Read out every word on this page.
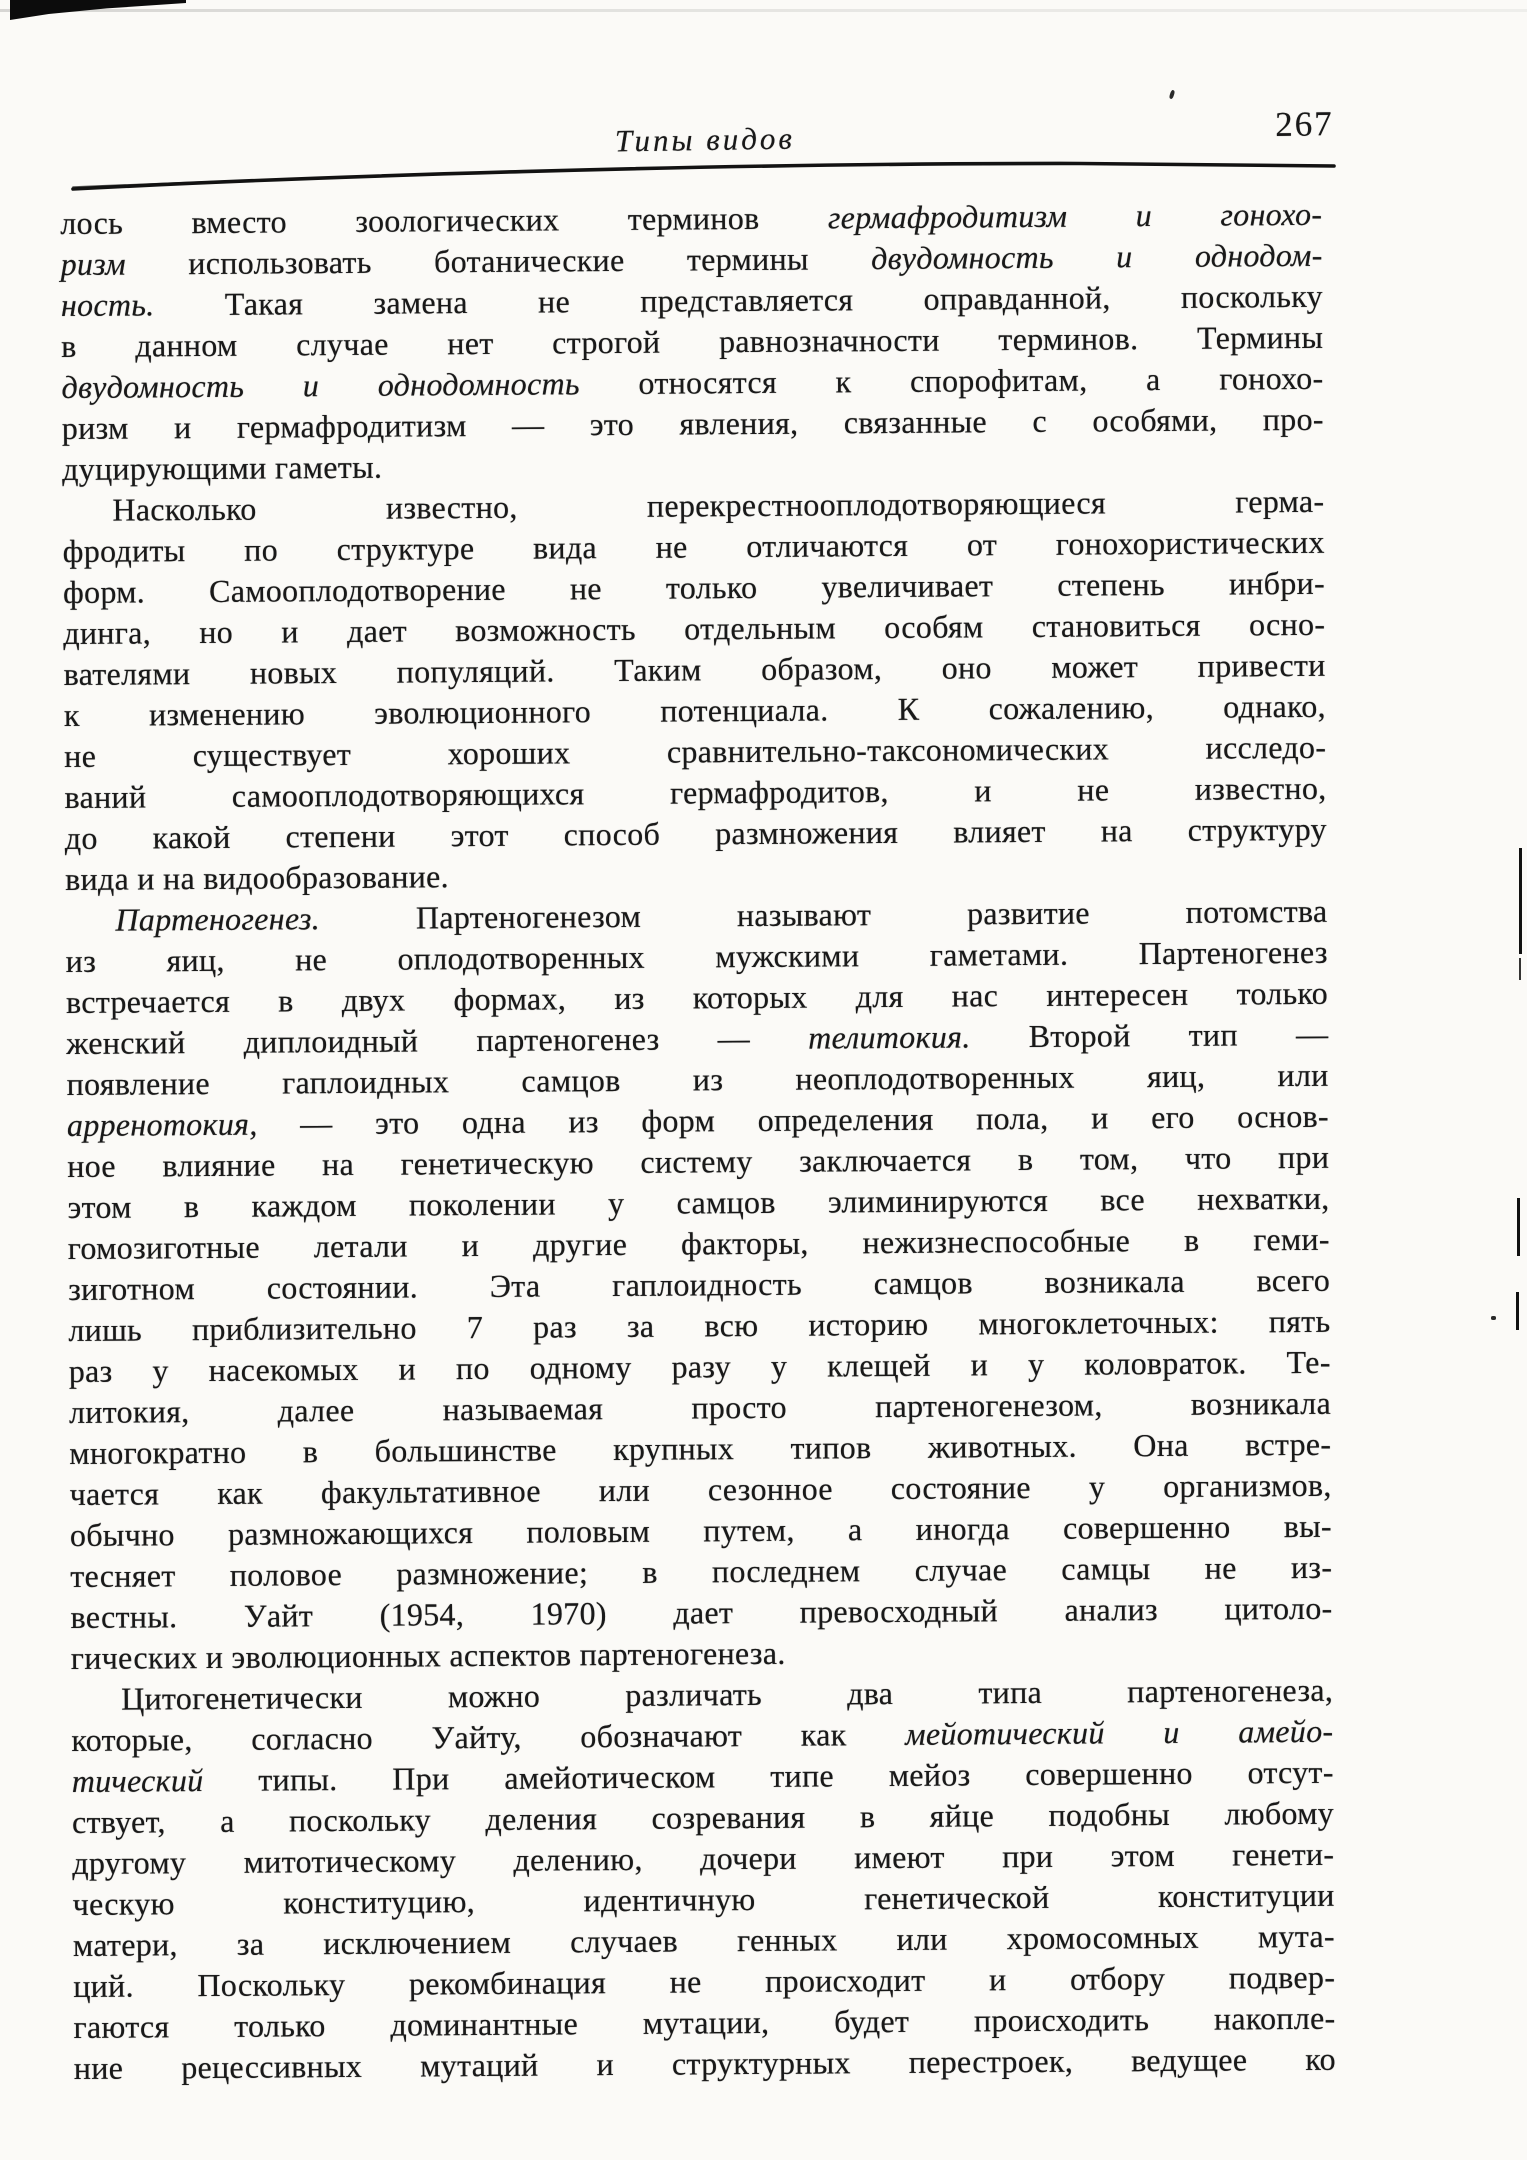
Типы видов	267
лось вместо зоологических терминов гермафродитизм и гонохо-
ризм использовать ботанические термины двудомность и однодом-
ность. Такая замена не представляется оправданной, поскольку
в данном случае нет строгой равнозначности терминов. Термины
двудомность и однодомность относятся к спорофитам, а гонохо-
ризм и гермафродитизм — это явления, связанные с особями, про-
дуцирующими гаметы.
Насколько известно, перекрестнооплодотворяющиеся герма-
фродиты по структуре вида не отличаются от гонохористических
форм. Самооплодотворение не только увеличивает степень инбри-
динга, но и дает возможность отдельным особям становиться осно-
вателями новых популяций. Таким образом, оно может привести
к изменению эволюционного потенциала. К сожалению, однако,
не существует хороших сравнительно-таксономических исследо-
ваний самооплодотворяющихся гермафродитов, и не известно,
до какой степени этот способ размножения влияет на структуру
вида и на видообразование.
Партеногенез. Партеногенезом называют развитие потомства
из яиц, не оплодотворенных мужскими гаметами. Партеногенез
встречается в двух формах, из которых для нас интересен только
женский диплоидный партеногенез — телитокия. Второй тип —
появление гаплоидных самцов из неоплодотворенных яиц, или
арренотокия, — это одна из форм определения пола, и его основ-
ное влияние на генетическую систему заключается в том, что при
этом в каждом поколении у самцов элиминируются все нехватки,
гомозиготные летали и другие факторы, нежизнеспособные в геми-
зиготном состоянии. Эта гаплоидность самцов возникала всего
лишь приблизительно 7 раз за всю историю многоклеточных: пять
раз у насекомых и по одному разу у клещей и у коловраток. Те-
литокия, далее называемая просто партеногенезом, возникала
многократно в большинстве крупных типов животных. Она встре-
чается как факультативное или сезонное состояние у организмов,
обычно размножающихся половым путем, а иногда совершенно вы-
тесняет половое размножение; в последнем случае самцы не из-
вестны. Уайт (1954, 1970) дает превосходный анализ цитоло-
гических и эволюционных аспектов партеногенеза.
Цитогенетически можно различать два типа партеногенеза,
которые, согласно Уайту, обозначают как мейотический и амейо-
тический типы. При амейотическом типе мейоз совершенно отсут-
ствует, а поскольку деления созревания в яйце подобны любому
другому митотическому делению, дочери имеют при этом генети-
ческую конституцию, идентичную генетической конституции
матери, за исключением случаев генных или хромосомных мута-
ций. Поскольку рекомбинация не происходит и отбору подвер-
гаются только доминантные мутации, будет происходить накопле-
ние рецессивных мутаций и структурных перестроек, ведущее ко
